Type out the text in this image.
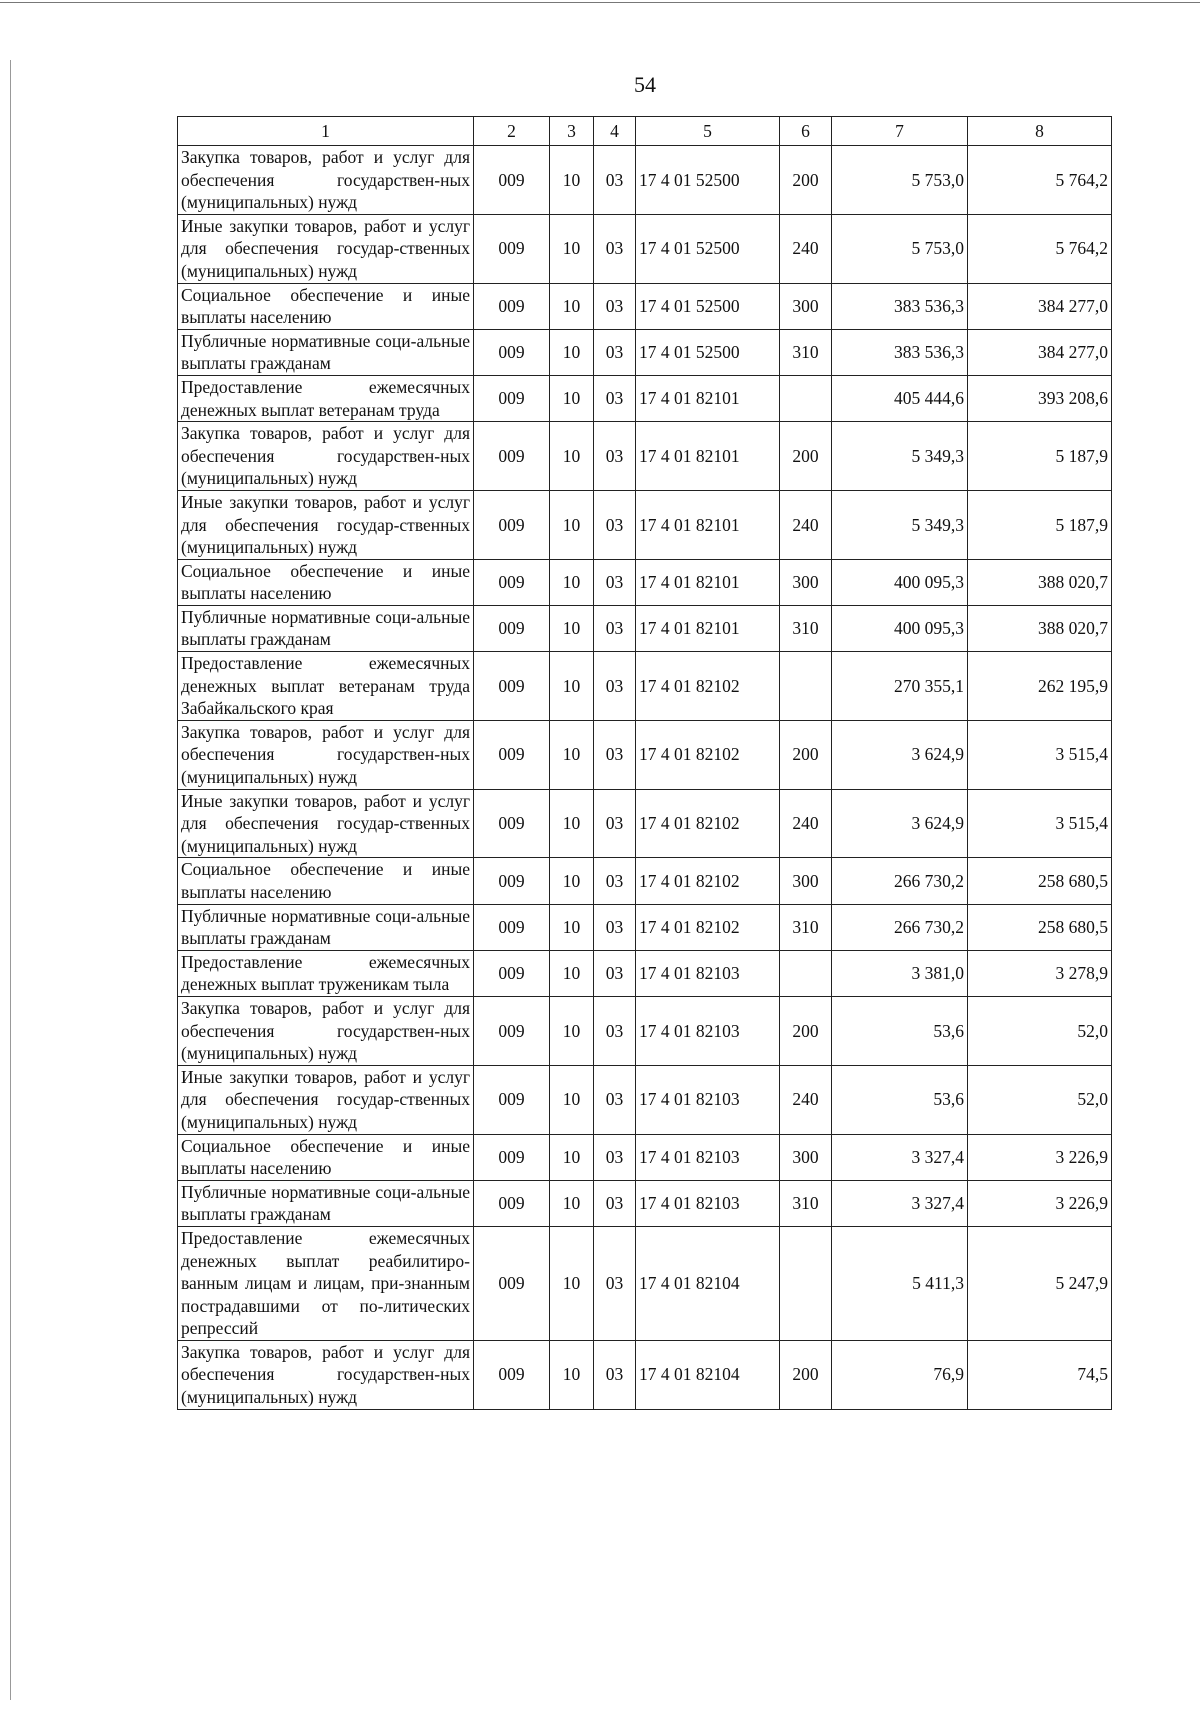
54
1	2	3	4	5	6	7	8
Закупка товаров, работ и услуг для обеспечения государствен-ных (муниципальных) нужд	009	10	03	17 4 01 52500	200	5 753,0	5 764,2
Иные закупки товаров, работ и услуг для обеспечения государ-ственных (муниципальных) нужд	009	10	03	17 4 01 52500	240	5 753,0	5 764,2
Социальное обеспечение и иные выплаты населению	009	10	03	17 4 01 52500	300	383 536,3	384 277,0
Публичные нормативные соци-альные выплаты гражданам	009	10	03	17 4 01 52500	310	383 536,3	384 277,0
Предоставление ежемесячных денежных выплат ветеранам труда	009	10	03	17 4 01 82101		405 444,6	393 208,6
Закупка товаров, работ и услуг для обеспечения государствен-ных (муниципальных) нужд	009	10	03	17 4 01 82101	200	5 349,3	5 187,9
Иные закупки товаров, работ и услуг для обеспечения государ-ственных (муниципальных) нужд	009	10	03	17 4 01 82101	240	5 349,3	5 187,9
Социальное обеспечение и иные выплаты населению	009	10	03	17 4 01 82101	300	400 095,3	388 020,7
Публичные нормативные соци-альные выплаты гражданам	009	10	03	17 4 01 82101	310	400 095,3	388 020,7
Предоставление ежемесячных денежных выплат ветеранам труда Забайкальского края	009	10	03	17 4 01 82102		270 355,1	262 195,9
Закупка товаров, работ и услуг для обеспечения государствен-ных (муниципальных) нужд	009	10	03	17 4 01 82102	200	3 624,9	3 515,4
Иные закупки товаров, работ и услуг для обеспечения государ-ственных (муниципальных) нужд	009	10	03	17 4 01 82102	240	3 624,9	3 515,4
Социальное обеспечение и иные выплаты населению	009	10	03	17 4 01 82102	300	266 730,2	258 680,5
Публичные нормативные соци-альные выплаты гражданам	009	10	03	17 4 01 82102	310	266 730,2	258 680,5
Предоставление ежемесячных денежных выплат труженикам тыла	009	10	03	17 4 01 82103		3 381,0	3 278,9
Закупка товаров, работ и услуг для обеспечения государствен-ных (муниципальных) нужд	009	10	03	17 4 01 82103	200	53,6	52,0
Иные закупки товаров, работ и услуг для обеспечения государ-ственных (муниципальных) нужд	009	10	03	17 4 01 82103	240	53,6	52,0
Социальное обеспечение и иные выплаты населению	009	10	03	17 4 01 82103	300	3 327,4	3 226,9
Публичные нормативные соци-альные выплаты гражданам	009	10	03	17 4 01 82103	310	3 327,4	3 226,9
Предоставление ежемесячных денежных выплат реабилитиро-ванным лицам и лицам, при-знанным пострадавшими от по-литических репрессий	009	10	03	17 4 01 82104		5 411,3	5 247,9
Закупка товаров, работ и услуг для обеспечения государствен-ных (муниципальных) нужд	009	10	03	17 4 01 82104	200	76,9	74,5
